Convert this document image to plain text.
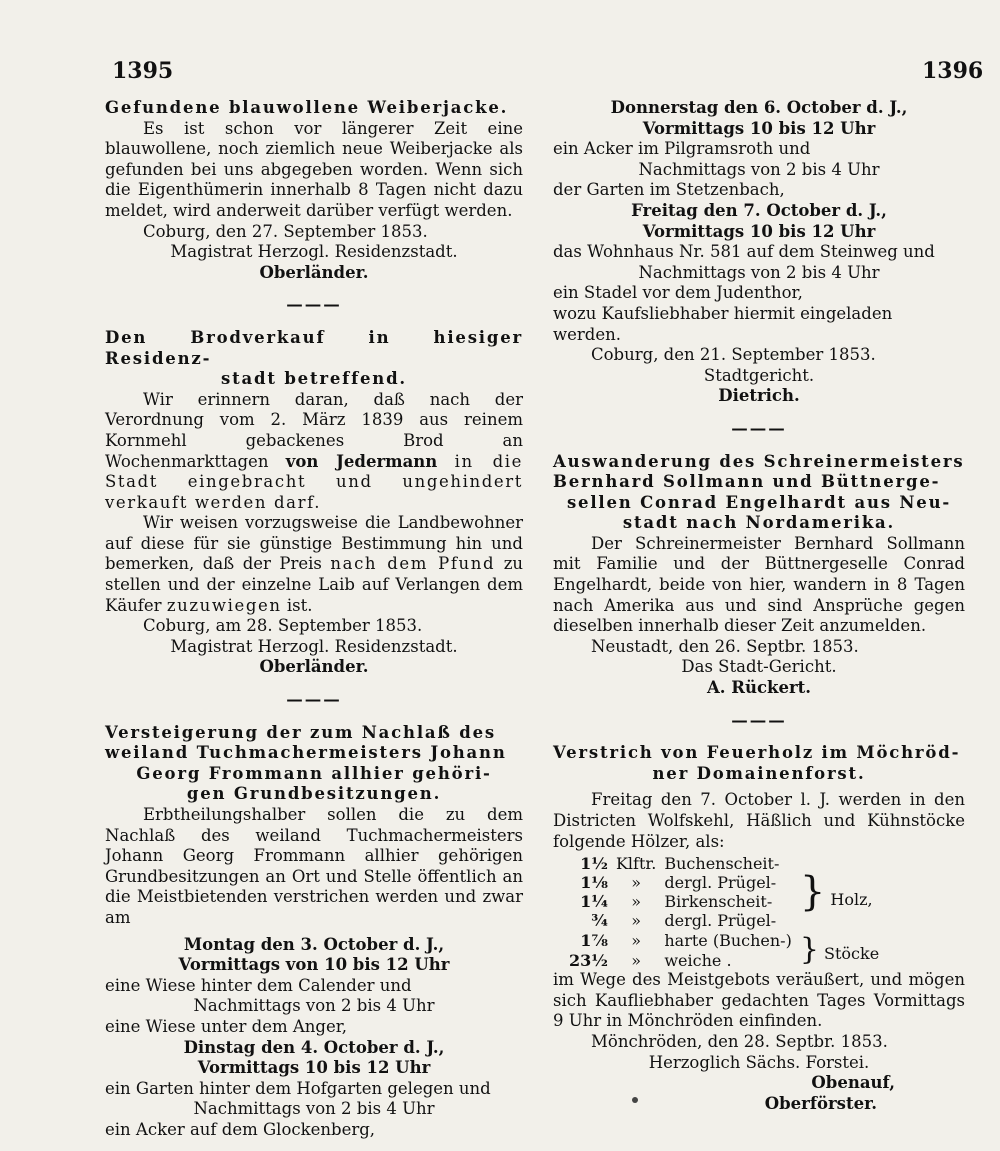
1395	1396

Gefundene blauwollene Weiberjacke.

Es ist schon vor längerer Zeit eine blauwollene, noch ziemlich neue Weiberjacke als gefunden bei uns abgegeben worden. Wenn sich die Eigenthümerin innerhalb 8 Tagen nicht dazu meldet, wird anderweit darüber verfügt werden.

Coburg, den 27. September 1853.

Magistrat Herzogl. Residenzstadt.

Oberländer.

———

Den Brodverkauf in hiesiger Residenz-

stadt betreffend.

Wir erinnern daran, daß nach der Verordnung vom 2. März 1839 aus reinem Kornmehl gebackenes Brod an Wochenmarkttagen von Jedermann in die Stadt eingebracht und ungehindert verkauft werden darf.

Wir weisen vorzugsweise die Landbewohner auf diese für sie günstige Bestimmung hin und bemerken, daß der Preis nach dem Pfund zu stellen und der einzelne Laib auf Verlangen dem Käufer zuzuwiegen ist.

Coburg, am 28. September 1853.

Magistrat Herzogl. Residenzstadt.

Oberländer.

———

Versteigerung der zum Nachlaß des

weiland Tuchmachermeisters Johann

Georg Frommann allhier gehöri-

gen Grundbesitzungen.

Erbtheilungshalber sollen die zu dem Nachlaß des weiland Tuchmachermeisters Johann Georg Frommann allhier gehörigen Grundbesitzungen an Ort und Stelle öffentlich an die Meistbietenden verstrichen werden und zwar am

Montag den 3. October d. J.,

Vormittags von 10 bis 12 Uhr

eine Wiese hinter dem Calender und

Nachmittags von 2 bis 4 Uhr

eine Wiese unter dem Anger,

Dinstag den 4. October d. J.,

Vormittags 10 bis 12 Uhr

ein Garten hinter dem Hofgarten gelegen und

Nachmittags von 2 bis 4 Uhr

ein Acker auf dem Glockenberg,

Donnerstag den 6. October d. J.,

Vormittags 10 bis 12 Uhr

ein Acker im Pilgramsroth und

Nachmittags von 2 bis 4 Uhr

der Garten im Stetzenbach,

Freitag den 7. October d. J.,

Vormittags 10 bis 12 Uhr

das Wohnhaus Nr. 581 auf dem Steinweg und

Nachmittags von 2 bis 4 Uhr

ein Stadel vor dem Judenthor,

wozu Kaufsliebhaber hiermit eingeladen werden.

Coburg, den 21. September 1853.

Stadtgericht.

Dietrich.

———

Auswanderung des Schreinermeisters

Bernhard Sollmann und Büttnerge-

sellen Conrad Engelhardt aus Neu-

stadt nach Nordamerika.

Der Schreinermeister Bernhard Sollmann mit Familie und der Büttnergeselle Conrad Engelhardt, beide von hier, wandern in 8 Tagen nach Amerika aus und sind Ansprüche gegen dieselben innerhalb dieser Zeit anzumelden.

Neustadt, den 26. Septbr. 1853.

Das Stadt-Gericht.

A. Rückert.

———

Verstrich von Feuerholz im Möchröd-

ner Domainenforst.

Freitag den 7. October l. J. werden in den Districten Wolfskehl, Häßlich und Kühnstöcke folgende Hölzer, als:

1½	Klftr.	Buchenscheit-	} Holz,
1⅛	»	dergl. Prügel-	
1¼	»	Birkenscheit-	
¾	»	dergl. Prügel-	
1⅞	»	harte (Buchen-)	} Stöcke
23½	»	weiche .	

im Wege des Meistgebots veräußert, und mögen sich Kaufliebhaber gedachten Tages Vormittags 9 Uhr in Mönchröden einfinden.

Mönchröden, den 28. Septbr. 1853.

Herzoglich Sächs. Forstei.

Obenauf,

Oberförster.
